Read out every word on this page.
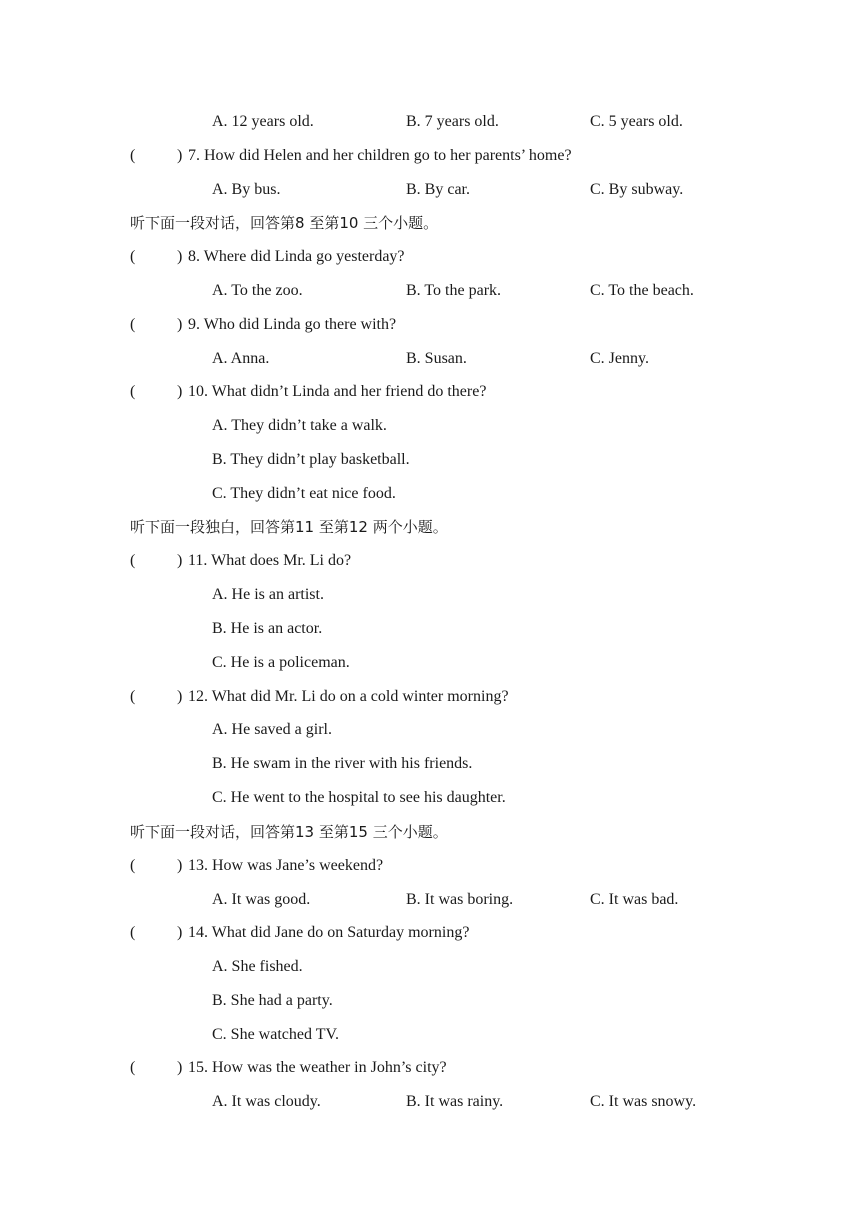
A. 12 years old.	B. 7 years old.	C. 5 years old.
(	) 7. How did Helen and her children go to her parents’ home?
A. By bus.	B. By car.	C. By subway.
听下面一段对话，回答第8 至第10 三个小题。
(	) 8. Where did Linda go yesterday?
A. To the zoo.	B. To the park.	C. To the beach.
(	) 9. Who did Linda go there with?
A. Anna.	B. Susan.	C. Jenny.
(	) 10. What didn’t Linda and her friend do there?
A. They didn’t take a walk.
B. They didn’t play basketball.
C. They didn’t eat nice food.
听下面一段独白，回答第11 至第12 两个小题。
(	) 11. What does Mr. Li do?
A. He is an artist.
B. He is an actor.
C. He is a policeman.
(	) 12. What did Mr. Li do on a cold winter morning?
A. He saved a girl.
B. He swam in the river with his friends.
C. He went to the hospital to see his daughter.
听下面一段对话，回答第13 至第15 三个小题。
(	) 13. How was Jane’s weekend?
A. It was good.	B. It was boring.	C. It was bad.
(	) 14. What did Jane do on Saturday morning?
A. She fished.
B. She had a party.
C. She watched TV.
(	) 15. How was the weather in John’s city?
A. It was cloudy.	B. It was rainy.	C. It was snowy.
